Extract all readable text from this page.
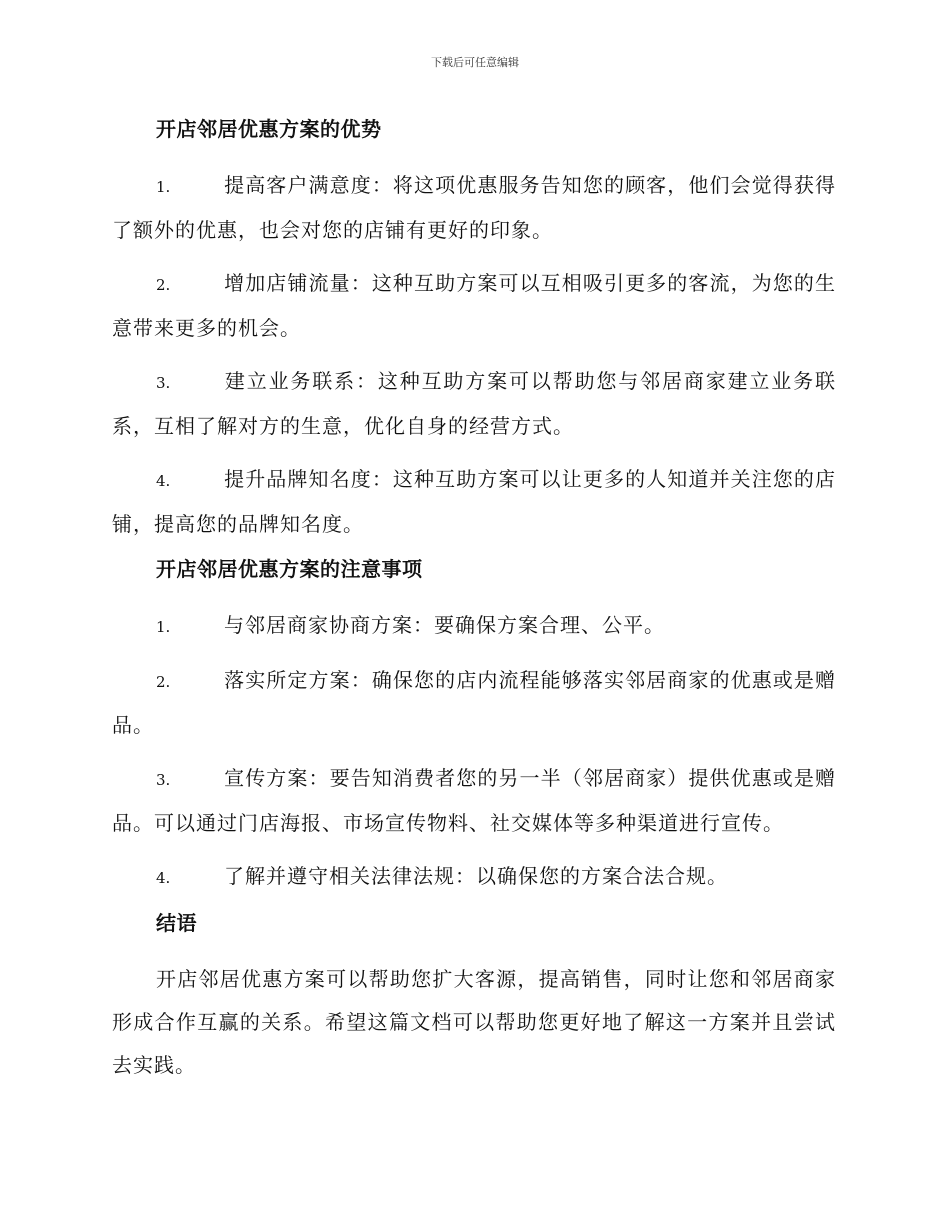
下载后可任意编辑
开店邻居优惠方案的优势
1.	提高客户满意度：将这项优惠服务告知您的顾客，他们会觉得获得了额外的优惠，也会对您的店铺有更好的印象。
2.	增加店铺流量：这种互助方案可以互相吸引更多的客流，为您的生意带来更多的机会。
3.	建立业务联系：这种互助方案可以帮助您与邻居商家建立业务联系，互相了解对方的生意，优化自身的经营方式。
4.	提升品牌知名度：这种互助方案可以让更多的人知道并关注您的店铺，提高您的品牌知名度。
开店邻居优惠方案的注意事项
1.	与邻居商家协商方案：要确保方案合理、公平。
2.	落实所定方案：确保您的店内流程能够落实邻居商家的优惠或是赠品。
3.	宣传方案：要告知消费者您的另一半（邻居商家）提供优惠或是赠品。可以通过门店海报、市场宣传物料、社交媒体等多种渠道进行宣传。
4.	了解并遵守相关法律法规：以确保您的方案合法合规。
结语

开店邻居优惠方案可以帮助您扩大客源，提高销售，同时让您和邻居商家形成合作互赢的关系。希望这篇文档可以帮助您更好地了解这一方案并且尝试去实践。
